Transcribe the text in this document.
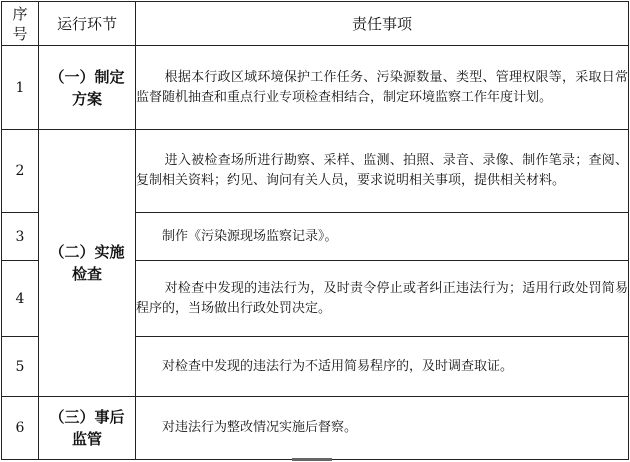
序号	运行环节	责任事项
1	（一）制定方案	根据本行政区域环境保护工作任务、污染源数量、类型、管理权限等，采取日常监督随机抽查和重点行业专项检查相结合，制定环境监察工作年度计划。

2	（二）实施检查	进入被检查场所进行勘察、采样、监测、拍照、录音、录像、制作笔录；查阅、复制相关资料；约见、询问有关人员，要求说明相关事项，提供相关材料。

3		制作《污染源现场监察记录》。

4		对检查中发现的违法行为，及时责令停止或者纠正违法行为；适用行政处罚简易程序的，当场做出行政处罚决定。

5		对检查中发现的违法行为不适用简易程序的，及时调查取证。

6	（三）事后监管	对违法行为整改情况实施后督察。
